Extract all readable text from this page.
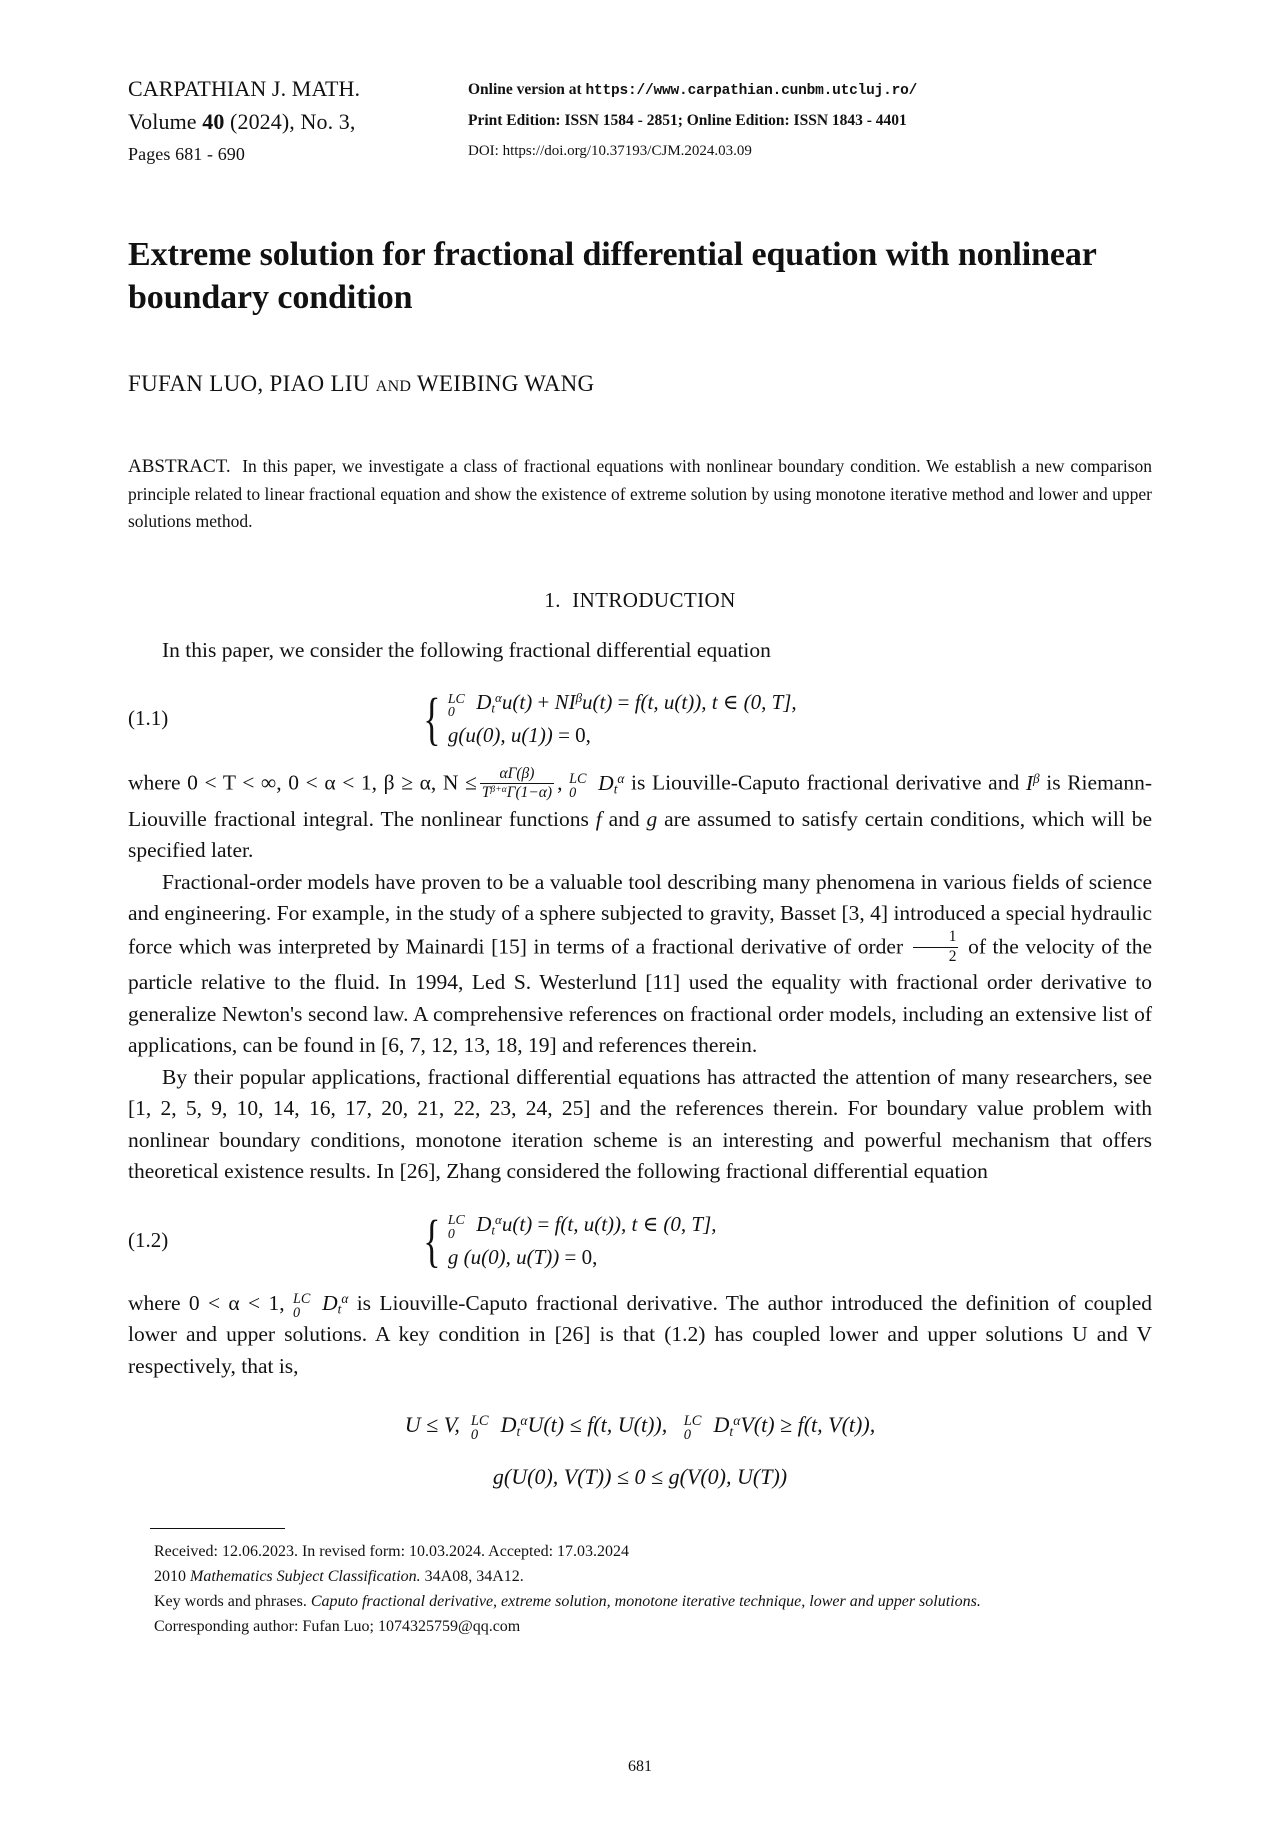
CARPATHIAN J. MATH.
Volume 40 (2024), No. 3,
Pages 681 - 690
Online version at https://www.carpathian.cunbm.utcluj.ro/
Print Edition: ISSN 1584 - 2851; Online Edition: ISSN 1843 - 4401
DOI: https://doi.org/10.37193/CJM.2024.03.09
Extreme solution for fractional differential equation with nonlinear boundary condition
FUFAN LUO, PIAO LIU and WEIBING WANG
ABSTRACT. In this paper, we investigate a class of fractional equations with nonlinear boundary condition. We establish a new comparison principle related to linear fractional equation and show the existence of extreme solution by using monotone iterative method and lower and upper solutions method.
1. INTRODUCTION

In this paper, we consider the following fractional differential equation

(1.1)	{ LC
0 $D_t^\alpha u(t) + NI^\beta u(t) = f(t$, u(t)), t ∈ (0, T],
g(u(0), u(1)) = 0,

where 0 < T < ∞, 0 < α < 1, β ≥ α, $N \le \frac{\alpha\Gamma(\beta)}{T^{\beta+\alpha}\Gamma(1-\alpha)}$ , LC
0 $D_t^\alpha$ is Liouville-Caputo fractional derivative and $I^\beta$ is Riemann-Liouville fractional integral. The nonlinear functions f and g are assumed to satisfy certain conditions, which will be specified later.

Fractional-order models have proven to be a valuable tool describing many phenomena in various fields of science and engineering. For example, in the study of a sphere subjected to gravity, Basset [3, 4] introduced a special hydraulic force which was interpreted by Mainardi [15] in terms of a fractional derivative of order $\frac{1}{2}$ of the velocity of the particle relative to the fluid. In 1994, Led S. Westerlund [11] used the equality with fractional order derivative to generalize Newton's second law. A comprehensive references on fractional order models, including an extensive list of applications, can be found in [6, 7, 12, 13, 18, 19] and references therein.

By their popular applications, fractional differential equations has attracted the attention of many researchers, see [1, 2, 5, 9, 10, 14, 16, 17, 20, 21, 22, 23, 24, 25] and the references therein. For boundary value problem with nonlinear boundary conditions, monotone iteration scheme is an interesting and powerful mechanism that offers theoretical existence results. In [26], Zhang considered the following fractional differential equation

(1.2)	{ LC
0 $D_t^\alpha u(t) = f(t$, u(t)), t ∈ (0, T],
g (u(0), u(T)) = 0,

where 0 < α < 1, LC
0 $D_t^\alpha$ is Liouville-Caputo fractional derivative. The author introduced the definition of coupled lower and upper solutions. A key condition in [26] is that (1.2) has coupled lower and upper solutions U and V respectively, that is,

U ≤ V, LC
0 $D_t^\alpha U(t) \le f(t$, U(t)), LC
0 $D_t^\alpha V(t) \ge f(t$, V(t)),
g(U(0), V(T)) ≤ 0 ≤ g(V(0), U(T))

Received: 12.06.2023. In revised form: 10.03.2024. Accepted: 17.03.2024

2010 Mathematics Subject Classification. 34A08, 34A12.

Key words and phrases. Caputo fractional derivative, extreme solution, monotone iterative technique, lower and upper solutions.

Corresponding author: Fufan Luo; 1074325759@qq.com

681
